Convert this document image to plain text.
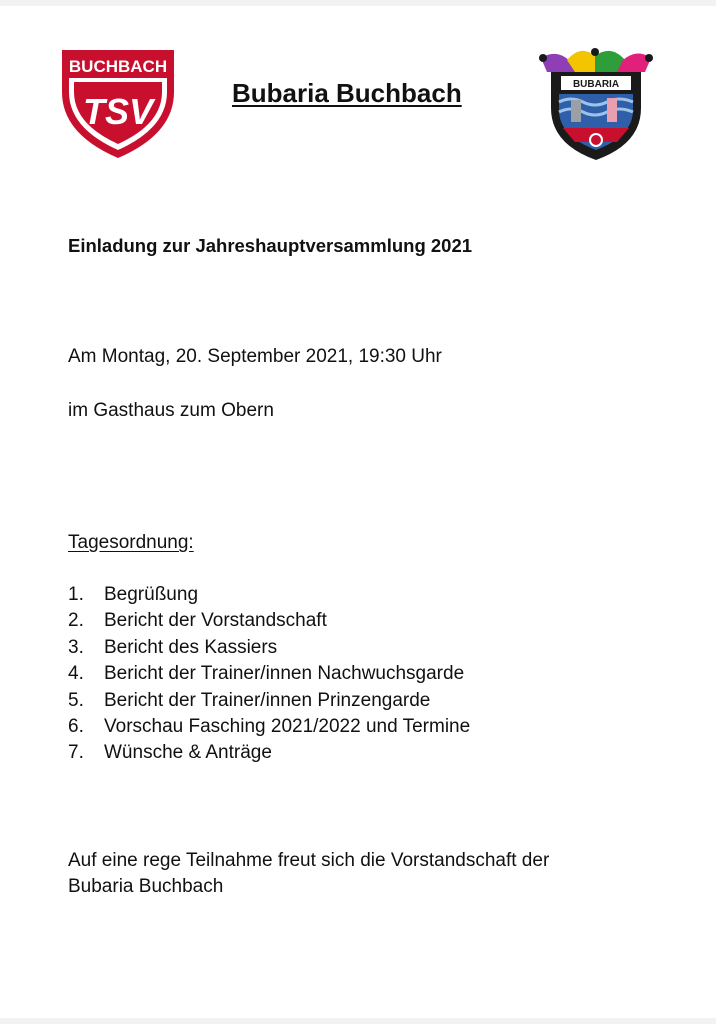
BUCHBACH
TSV
BUBARIA
Bubaria Buchbach
Einladung zur Jahreshauptversammlung 2021
Am Montag, 20. September 2021, 19:30 Uhr
im Gasthaus zum Obern
Tagesordnung:
1. Begrüßung
2. Bericht der Vorstandschaft
3. Bericht des Kassiers
4. Bericht der Trainer/innen Nachwuchsgarde
5. Bericht der Trainer/innen Prinzengarde
6. Vorschau Fasching 2021/2022 und Termine
7. Wünsche & Anträge
Auf eine rege Teilnahme freut sich die Vorstandschaft der
Bubaria Buchbach
